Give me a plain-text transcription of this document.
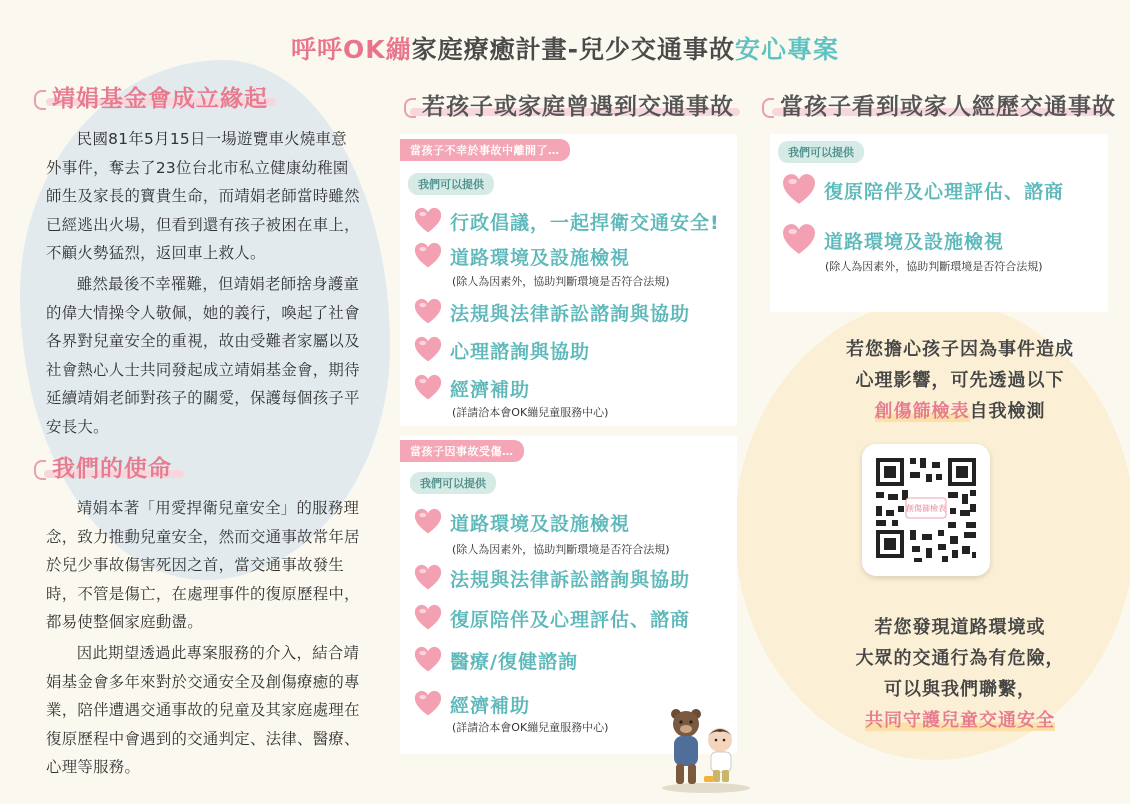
呼呼OK繃家庭療癒計畫-兒少交通事故安心專案
靖娟基金會成立緣起
民國81年5月15日一場遊覽車火燒車意外事件，奪去了23位台北市私立健康幼稚園師生及家長的寶貴生命，而靖娟老師當時雖然已經逃出火場，但看到還有孩子被困在車上，不顧火勢猛烈，返回車上救人。
雖然最後不幸罹難，但靖娟老師捨身護童的偉大情操令人敬佩，她的義行，喚起了社會各界對兒童安全的重視，故由受難者家屬以及社會熱心人士共同發起成立靖娟基金會，期待延續靖娟老師對孩子的關愛，保護每個孩子平安長大。
我們的使命
靖娟本著「用愛捍衛兒童安全」的服務理念，致力推動兒童安全，然而交通事故常年居於兒少事故傷害死因之首，當交通事故發生時，不管是傷亡，在處理事件的復原歷程中，都易使整個家庭動盪。
因此期望透過此專案服務的介入，結合靖娟基金會多年來對於交通安全及創傷療癒的專業，陪伴遭遇交通事故的兒童及其家庭處理在復原歷程中會遇到的交通判定、法律、醫療、心理等服務。
若孩子或家庭曾遇到交通事故
當孩子不幸於事故中離開了…
我們可以提供
行政倡議，一起捍衛交通安全!
道路環境及設施檢視
(除人為因素外，協助判斷環境是否符合法規)
法規與法律訴訟諮詢與協助
心理諮詢與協助
經濟補助
(詳請洽本會OK繃兒童服務中心)
當孩子因事故受傷…
我們可以提供
道路環境及設施檢視
(除人為因素外，協助判斷環境是否符合法規)
法規與法律訴訟諮詢與協助
復原陪伴及心理評估、諮商
醫療/復健諮詢
經濟補助
(詳請洽本會OK繃兒童服務中心)
當孩子看到或家人經歷交通事故
我們可以提供
復原陪伴及心理評估、諮商
道路環境及設施檢視
(除人為因素外，協助判斷環境是否符合法規)
若您擔心孩子因為事件造成
心理影響，可先透過以下
創傷篩檢表自我檢測
創傷篩檢表
若您發現道路環境或
大眾的交通行為有危險，
可以與我們聯繫，
共同守護兒童交通安全
